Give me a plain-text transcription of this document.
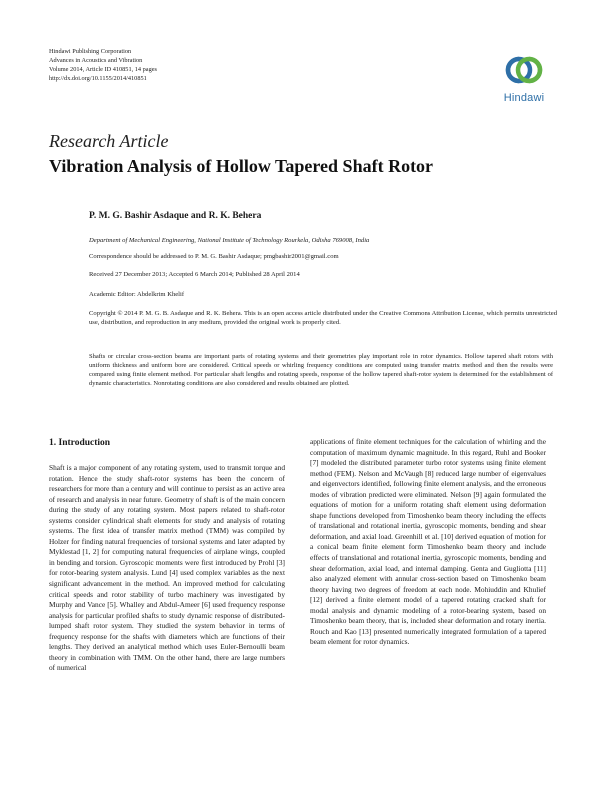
Hindawi Publishing Corporation
Advances in Acoustics and Vibration
Volume 2014, Article ID 410851, 14 pages
http://dx.doi.org/10.1155/2014/410851
Hindawi
Research Article
Vibration Analysis of Hollow Tapered Shaft Rotor
P. M. G. Bashir Asdaque and R. K. Behera
Department of Mechanical Engineering, National Institute of Technology Rourkela, Odisha 769008, India
Correspondence should be addressed to P. M. G. Bashir Asdaque; pmgbashir2001@gmail.com
Received 27 December 2013; Accepted 6 March 2014; Published 28 April 2014
Academic Editor: Abdelkrim Khelif
Copyright © 2014 P. M. G. B. Asdaque and R. K. Behera. This is an open access article distributed under the Creative Commons Attribution License, which permits unrestricted use, distribution, and reproduction in any medium, provided the original work is properly cited.
Shafts or circular cross-section beams are important parts of rotating systems and their geometries play important role in rotor dynamics. Hollow tapered shaft rotors with uniform thickness and uniform bore are considered. Critical speeds or whirling frequency conditions are computed using transfer matrix method and then the results were compared using finite element method. For particular shaft lengths and rotating speeds, response of the hollow tapered shaft-rotor system is determined for the establishment of dynamic characteristics. Nonrotating conditions are also considered and results obtained are plotted.
1. Introduction

Shaft is a major component of any rotating system, used to transmit torque and rotation. Hence the study shaft-rotor systems has been the concern of researchers for more than a century and will continue to persist as an active area of research and analysis in near future. Geometry of shaft is of the main concern during the study of any rotating system. Most papers related to shaft-rotor systems consider cylindrical shaft elements for study and analysis of rotating systems. The first idea of transfer matrix method (TMM) was compiled by Holzer for finding natural frequencies of torsional systems and later adapted by Myklestad [1, 2] for computing natural frequencies of airplane wings, coupled in bending and torsion. Gyroscopic moments were first introduced by Prohl [3] for rotor-bearing system analysis. Lund [4] used complex variables as the next significant advancement in the method. An improved method for calculating critical speeds and rotor stability of turbo machinery was investigated by Murphy and Vance [5]. Whalley and Abdul-Ameer [6] used frequency response analysis for particular profiled shafts to study dynamic response of distributed-lumped shaft rotor system. They studied the system behavior in terms of frequency response for the shafts with diameters which are functions of their lengths. They derived an analytical method which uses Euler-Bernoulli beam theory in combination with TMM. On the other hand, there are large numbers of numerical

applications of finite element techniques for the calculation of whirling and the computation of maximum dynamic magnitude. In this regard, Ruhl and Booker [7] modeled the distributed parameter turbo rotor systems using finite element method (FEM). Nelson and McVaugh [8] reduced large number of eigenvalues and eigenvectors identified, following finite element analysis, and the erroneous modes of vibration predicted were eliminated. Nelson [9] again formulated the equations of motion for a uniform rotating shaft element using deformation shape functions developed from Timoshenko beam theory including the effects of translational and rotational inertia, gyroscopic moments, bending and shear deformation, and axial load. Greenhill et al. [10] derived equation of motion for a conical beam finite element form Timoshenko beam theory and include effects of translational and rotational inertia, gyroscopic moments, bending and shear deformation, axial load, and internal damping. Genta and Gugliotta [11] also analyzed element with annular cross-section based on Timoshenko beam theory having two degrees of freedom at each node. Mohiuddin and Khulief [12] derived a finite element model of a tapered rotating cracked shaft for modal analysis and dynamic modeling of a rotor-bearing system, based on Timoshenko beam theory, that is, included shear deformation and rotary inertia. Rouch and Kao [13] presented numerically integrated formulation of a tapered beam element for rotor dynamics.
